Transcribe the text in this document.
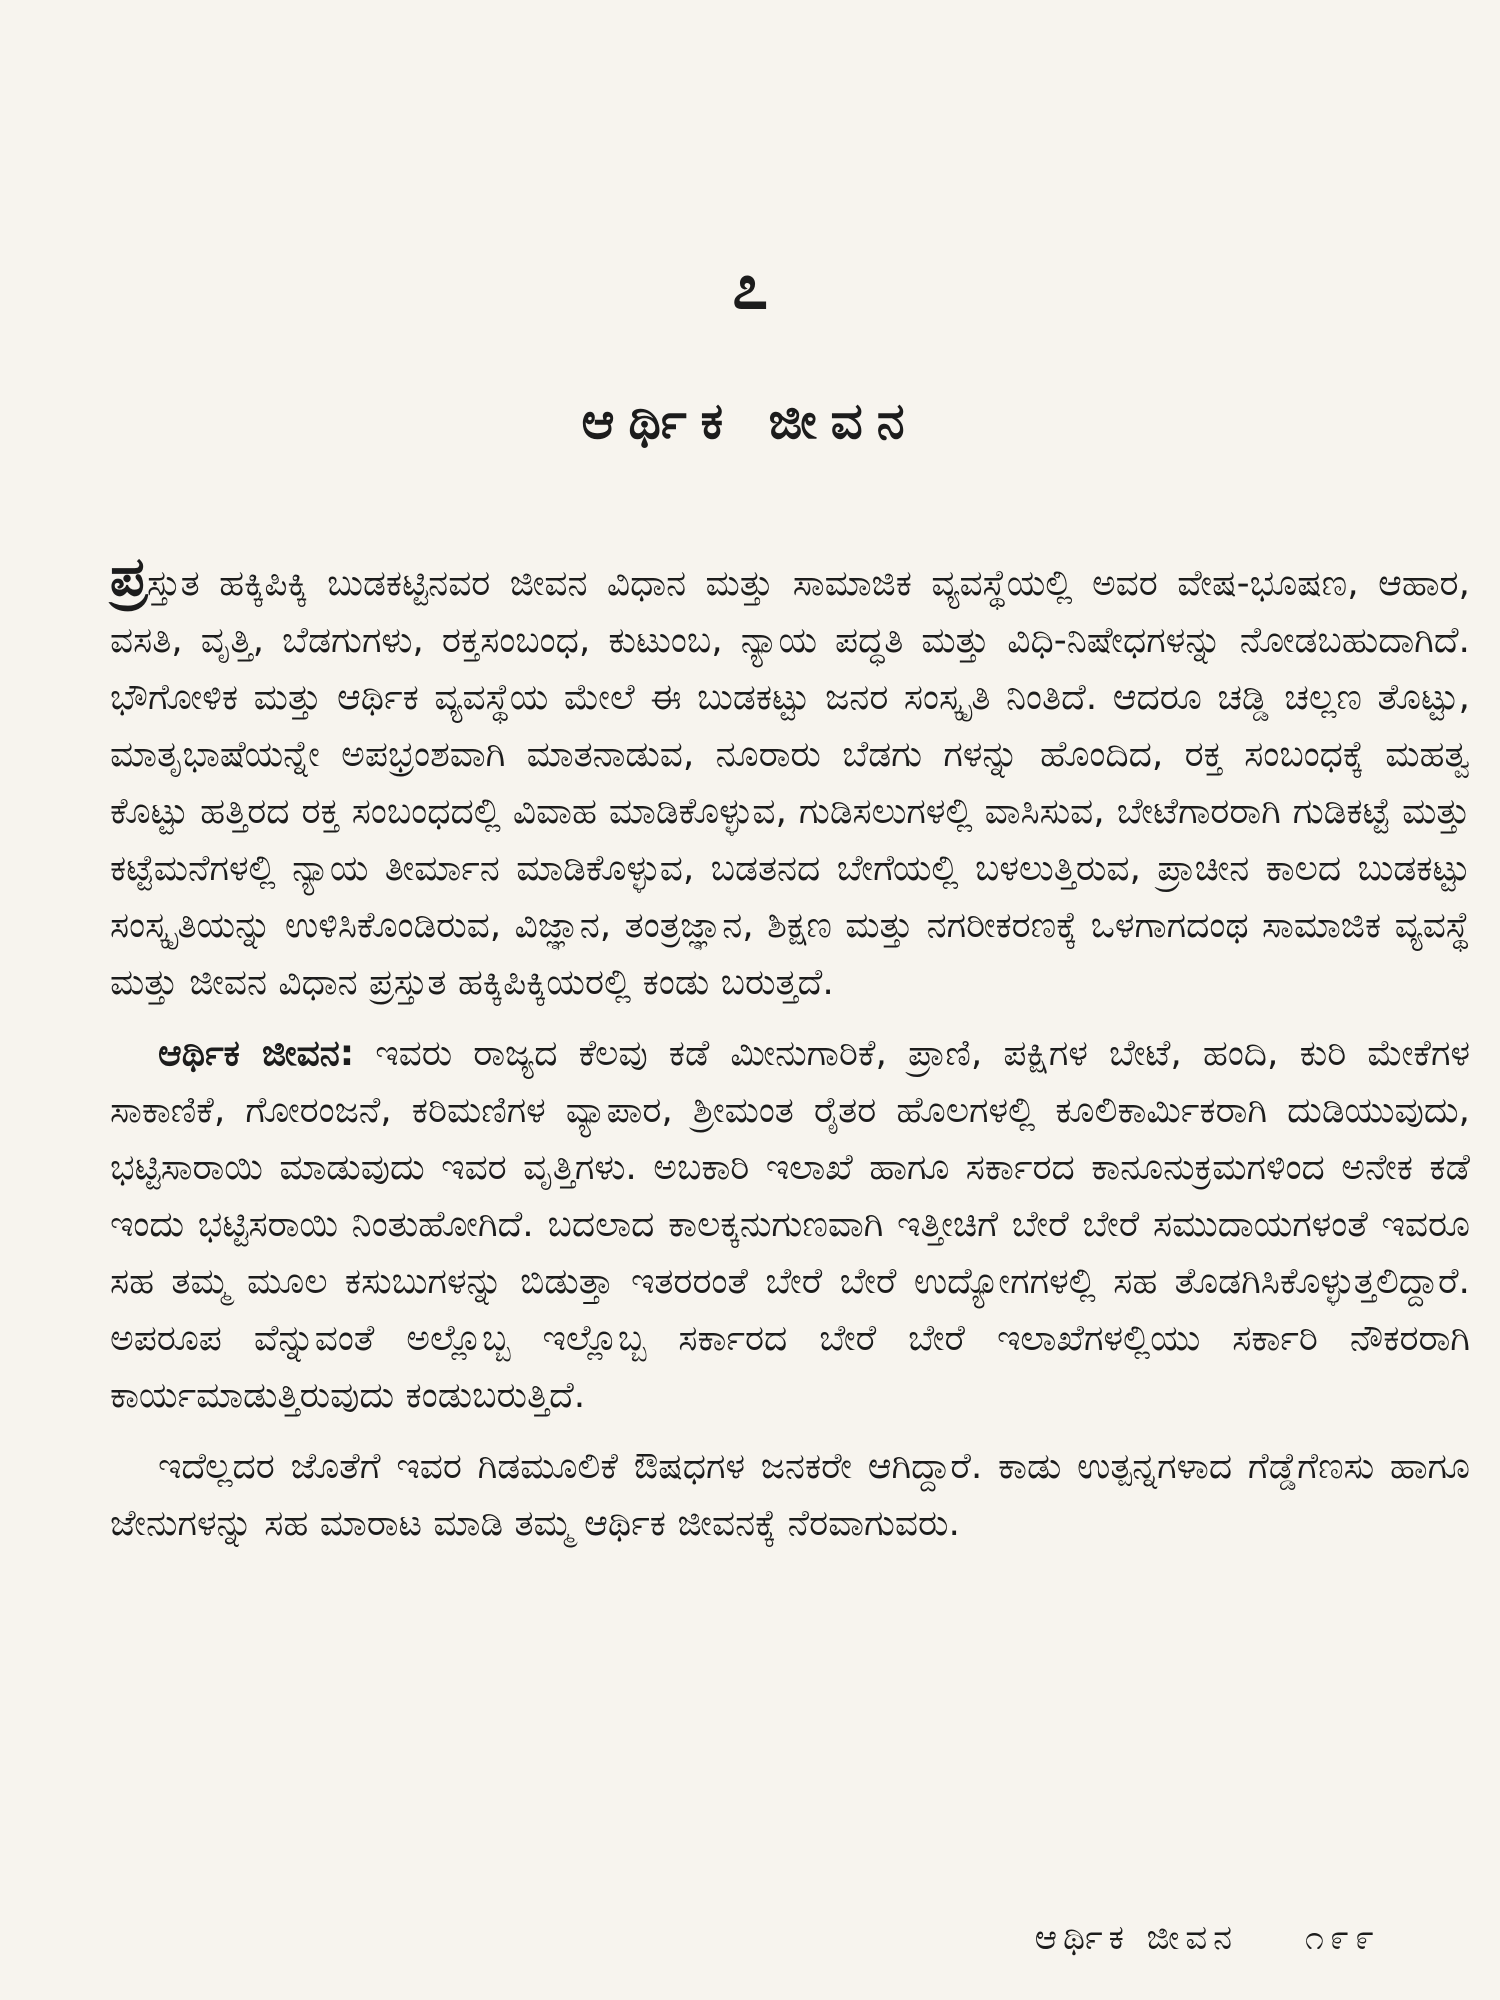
೭
ಆರ್ಥಿಕ ಜೀವನ

ಪ್ರಸ್ತುತ ಹಕ್ಕಿಪಿಕ್ಕಿ ಬುಡಕಟ್ಟಿನವರ ಜೀವನ ವಿಧಾನ ಮತ್ತು ಸಾಮಾಜಿಕ ವ್ಯವಸ್ಥೆಯಲ್ಲಿ ಅವರ ವೇಷ-ಭೂಷಣ, ಆಹಾರ, ವಸತಿ, ವೃತ್ತಿ, ಬೆಡಗುಗಳು, ರಕ್ತಸಂಬಂಧ, ಕುಟುಂಬ, ನ್ಯಾಯ ಪದ್ಧತಿ ಮತ್ತು ವಿಧಿ-ನಿಷೇಧಗಳನ್ನು ನೋಡಬಹುದಾಗಿದೆ. ಭೌಗೋಳಿಕ ಮತ್ತು ಆರ್ಥಿಕ ವ್ಯವಸ್ಥೆಯ ಮೇಲೆ ಈ ಬುಡಕಟ್ಟು ಜನರ ಸಂಸ್ಕೃತಿ ನಿಂತಿದೆ. ಆದರೂ ಚಡ್ಡಿ ಚಲ್ಲಣ ತೊಟ್ಟು, ಮಾತೃಭಾಷೆಯನ್ನೇ ಅಪಭ್ರಂಶವಾಗಿ ಮಾತನಾಡುವ, ನೂರಾರು ಬೆಡಗು ಗಳನ್ನು ಹೊಂದಿದ, ರಕ್ತ ಸಂಬಂಧಕ್ಕೆ ಮಹತ್ವ ಕೊಟ್ಟು ಹತ್ತಿರದ ರಕ್ತ ಸಂಬಂಧದಲ್ಲಿ ವಿವಾಹ ಮಾಡಿಕೊಳ್ಳುವ, ಗುಡಿಸಲುಗಳಲ್ಲಿ ವಾಸಿಸುವ, ಬೇಟೆಗಾರರಾಗಿ ಗುಡಿಕಟ್ಟೆ ಮತ್ತು ಕಟ್ಟೆಮನೆಗಳಲ್ಲಿ ನ್ಯಾಯ ತೀರ್ಮಾನ ಮಾಡಿಕೊಳ್ಳುವ, ಬಡತನದ ಬೇಗೆಯಲ್ಲಿ ಬಳಲುತ್ತಿರುವ, ಪ್ರಾಚೀನ ಕಾಲದ ಬುಡಕಟ್ಟು ಸಂಸ್ಕೃತಿಯನ್ನು ಉಳಿಸಿಕೊಂಡಿರುವ, ವಿಜ್ಞಾನ, ತಂತ್ರಜ್ಞಾನ, ಶಿಕ್ಷಣ ಮತ್ತು ನಗರೀಕರಣಕ್ಕೆ ಒಳಗಾಗದಂಥ ಸಾಮಾಜಿಕ ವ್ಯವಸ್ಥೆ ಮತ್ತು ಜೀವನ ವಿಧಾನ ಪ್ರಸ್ತುತ ಹಕ್ಕಿಪಿಕ್ಕಿಯರಲ್ಲಿ ಕಂಡು ಬರುತ್ತದೆ.

ಆರ್ಥಿಕ ಜೀವನ: ಇವರು ರಾಜ್ಯದ ಕೆಲವು ಕಡೆ ಮೀನುಗಾರಿಕೆ, ಪ್ರಾಣಿ, ಪಕ್ಷಿಗಳ ಬೇಟೆ, ಹಂದಿ, ಕುರಿ ಮೇಕೆಗಳ ಸಾಕಾಣಿಕೆ, ಗೋರಂಜನೆ, ಕರಿಮಣಿಗಳ ವ್ಯಾಪಾರ, ಶ್ರೀಮಂತ ರೈತರ ಹೊಲಗಳಲ್ಲಿ ಕೂಲಿಕಾರ್ಮಿಕರಾಗಿ ದುಡಿಯುವುದು, ಭಟ್ಟಿಸಾರಾಯಿ ಮಾಡುವುದು ಇವರ ವೃತ್ತಿಗಳು. ಅಬಕಾರಿ ಇಲಾಖೆ ಹಾಗೂ ಸರ್ಕಾರದ ಕಾನೂನುಕ್ರಮಗಳಿಂದ ಅನೇಕ ಕಡೆ ಇಂದು ಭಟ್ಟಿಸರಾಯಿ ನಿಂತುಹೋಗಿದೆ. ಬದಲಾದ ಕಾಲಕ್ಕನುಗುಣವಾಗಿ ಇತ್ತೀಚಿಗೆ ಬೇರೆ ಬೇರೆ ಸಮುದಾಯಗಳಂತೆ ಇವರೂ ಸಹ ತಮ್ಮ ಮೂಲ ಕಸುಬುಗಳನ್ನು ಬಿಡುತ್ತಾ ಇತರರಂತೆ ಬೇರೆ ಬೇರೆ ಉದ್ಯೋಗಗಳಲ್ಲಿ ಸಹ ತೊಡಗಿಸಿಕೊಳ್ಳುತ್ತಲಿದ್ದಾರೆ. ಅಪರೂಪ ವೆನ್ನುವಂತೆ ಅಲ್ಲೊಬ್ಬ ಇಲ್ಲೊಬ್ಬ ಸರ್ಕಾರದ ಬೇರೆ ಬೇರೆ ಇಲಾಖೆಗಳಲ್ಲಿಯು ಸರ್ಕಾರಿ ನೌಕರರಾಗಿ ಕಾರ್ಯಮಾಡುತ್ತಿರುವುದು ಕಂಡುಬರುತ್ತಿದೆ.

ಇದೆಲ್ಲದರ ಜೊತೆಗೆ ಇವರ ಗಿಡಮೂಲಿಕೆ ಔಷಧಗಳ ಜನಕರೇ ಆಗಿದ್ದಾರೆ. ಕಾಡು ಉತ್ಪನ್ನಗಳಾದ ಗೆಡ್ಡೆಗೆಣಸು ಹಾಗೂ ಜೇನುಗಳನ್ನು ಸಹ ಮಾರಾಟ ಮಾಡಿ ತಮ್ಮ ಆರ್ಥಿಕ ಜೀವನಕ್ಕೆ ನೆರವಾಗುವರು.

ಆರ್ಥಿಕ ಜೀವನ ೧೯೯
